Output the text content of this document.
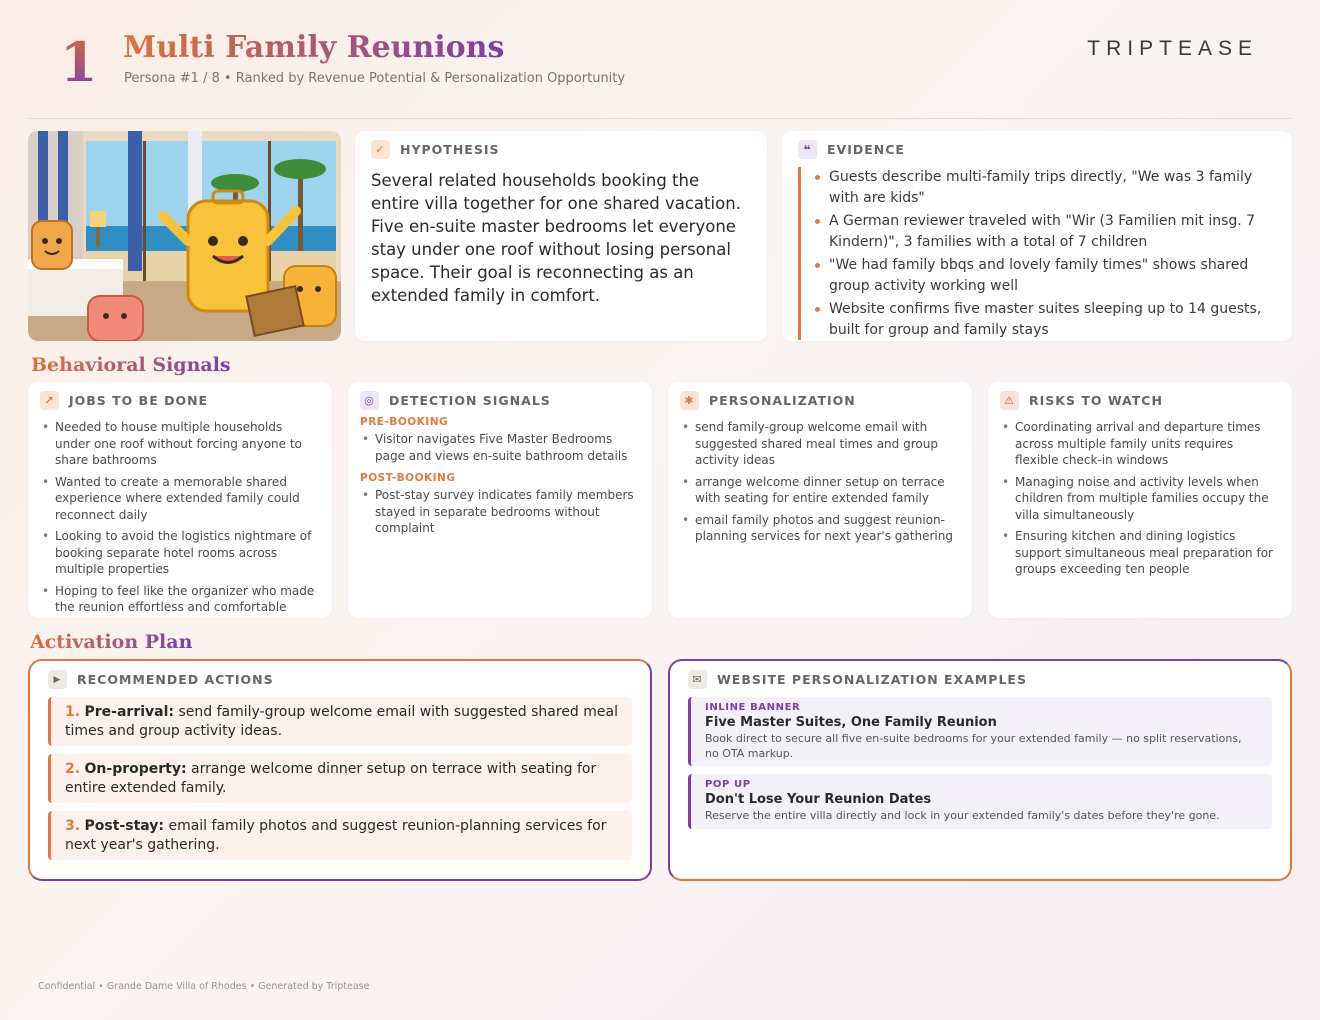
1 Multi Family Reunions
Persona #1 / 8 • Ranked by Revenue Potential & Personalization Opportunity
TRIPTEASE
✓	HYPOTHESIS
Several related households booking the entire villa together for one shared vacation. Five en-suite master bedrooms let everyone stay under one roof without losing personal space. Their goal is reconnecting as an extended family in comfort.
❝	EVIDENCE
Guests describe multi-family trips directly, "We was 3 family with are kids"
A German reviewer traveled with "Wir (3 Familien mit insg. 7 Kindern)", 3 families with a total of 7 children
"We had family bbqs and lovely family times" shows shared group activity working well
Website confirms five master suites sleeping up to 14 guests, built for group and family stays
Behavioral Signals
↗	JOBS TO BE DONE
• Needed to house multiple households under one roof without forcing anyone to share bathrooms
• Wanted to create a memorable shared experience where extended family could reconnect daily
• Looking to avoid the logistics nightmare of booking separate hotel rooms across multiple properties
• Hoping to feel like the organizer who made the reunion effortless and comfortable
◎	DETECTION SIGNALS
PRE-BOOKING
• Visitor navigates Five Master Bedrooms page and views en-suite bathroom details
POST-BOOKING
• Post-stay survey indicates family members stayed in separate bedrooms without complaint
✱	PERSONALIZATION
• send family-group welcome email with suggested shared meal times and group activity ideas
• arrange welcome dinner setup on terrace with seating for entire extended family
• email family photos and suggest reunion-planning services for next year's gathering
⚠	RISKS TO WATCH
• Coordinating arrival and departure times across multiple family units requires flexible check-in windows
• Managing noise and activity levels when children from multiple families occupy the villa simultaneously
• Ensuring kitchen and dining logistics support simultaneous meal preparation for groups exceeding ten people
Activation Plan
▶	RECOMMENDED ACTIONS
1. Pre-arrival: send family-group welcome email with suggested shared meal times and group activity ideas.
2. On-property: arrange welcome dinner setup on terrace with seating for entire extended family.
3. Post-stay: email family photos and suggest reunion-planning services for next year's gathering.
✉	WEBSITE PERSONALIZATION EXAMPLES
INLINE BANNER
Five Master Suites, One Family Reunion
Book direct to secure all five en-suite bedrooms for your extended family — no split reservations, no OTA markup.
POP UP
Don't Lose Your Reunion Dates
Reserve the entire villa directly and lock in your extended family's dates before they're gone.
Confidential • Grande Dame Villa of Rhodes • Generated by Triptease
